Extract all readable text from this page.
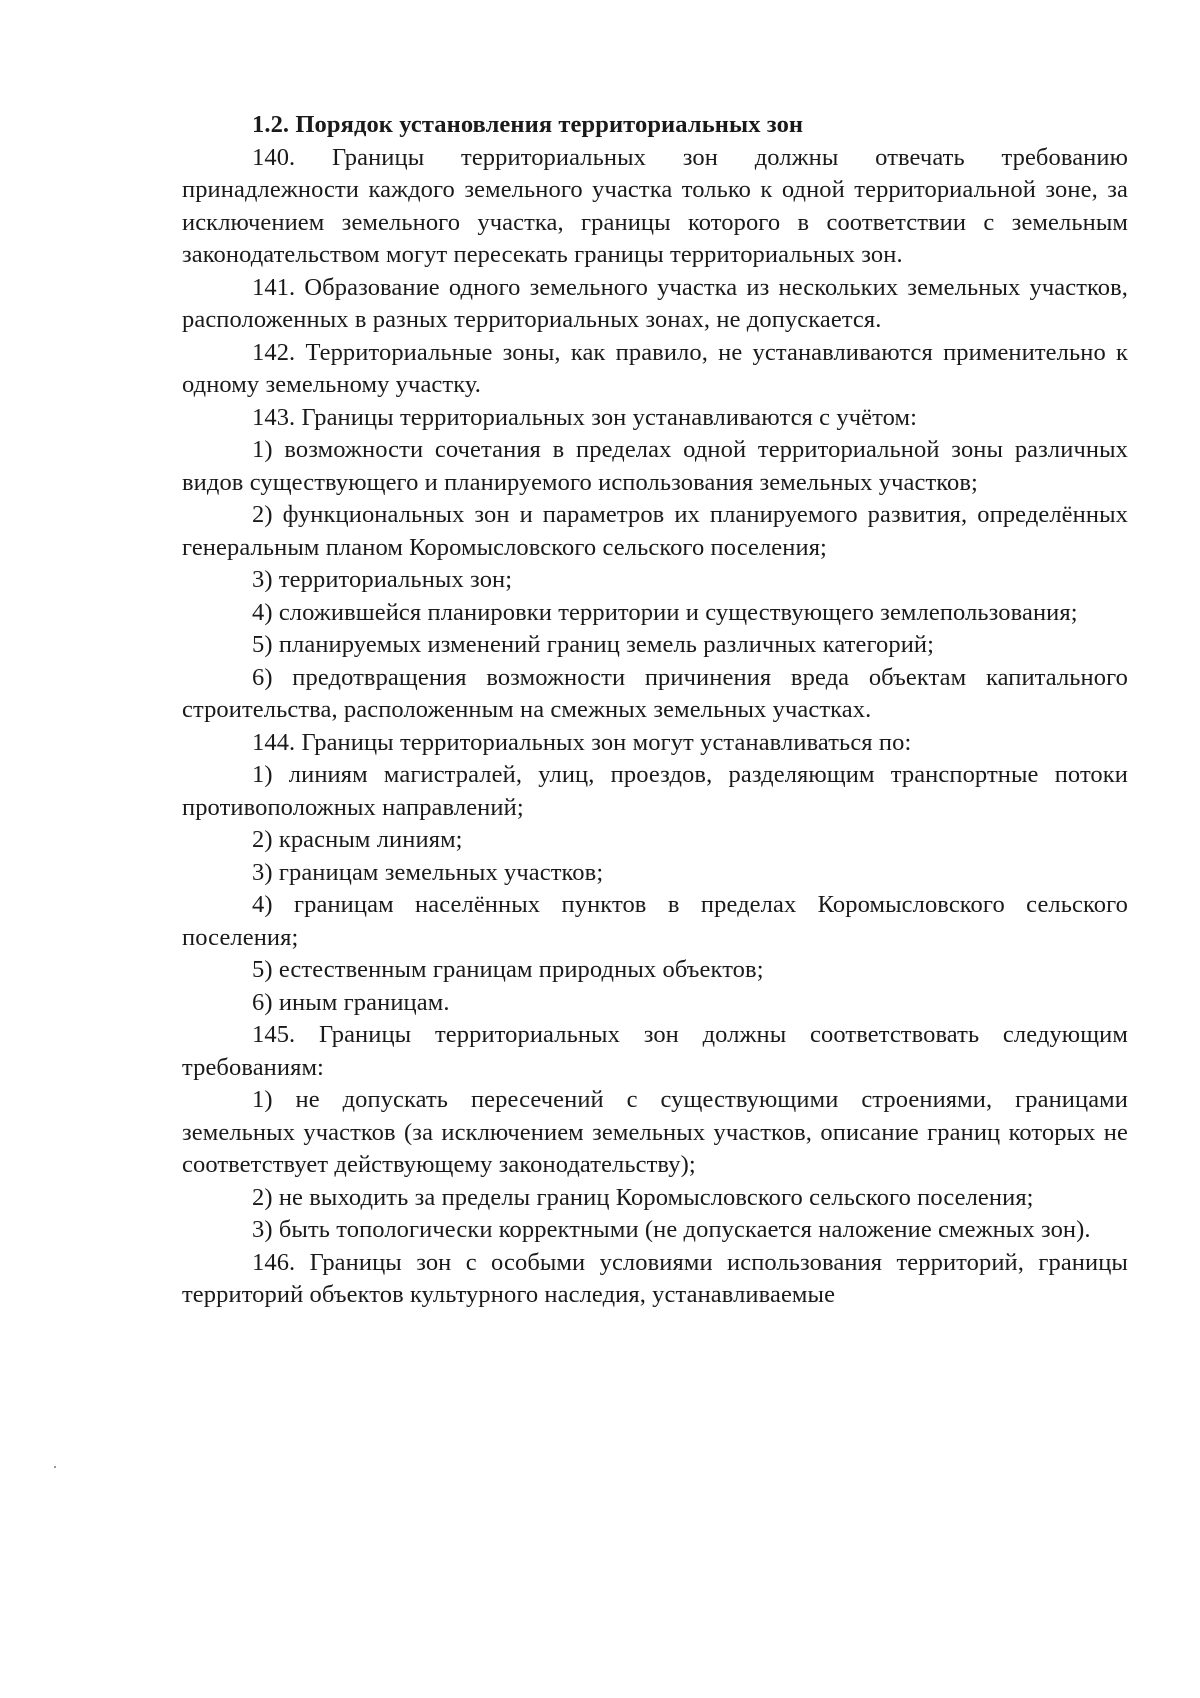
1.2. Порядок установления территориальных зон

140. Границы территориальных зон должны отвечать требованию принадлежности каждого земельного участка только к одной территориальной зоне, за исключением земельного участка, границы которого в соответствии с земельным законодательством могут пересекать границы территориальных зон.

141. Образование одного земельного участка из нескольких земельных участков, расположенных в разных территориальных зонах, не допускается.

142. Территориальные зоны, как правило, не устанавливаются применительно к одному земельному участку.

143. Границы территориальных зон устанавливаются с учётом:

1) возможности сочетания в пределах одной территориальной зоны различных видов существующего и планируемого использования земельных участков;

2) функциональных зон и параметров их планируемого развития, определённых генеральным планом Коромысловского сельского поселения;

3) территориальных зон;

4) сложившейся планировки территории и существующего землепользования;

5) планируемых изменений границ земель различных категорий;

6) предотвращения возможности причинения вреда объектам капитального строительства, расположенным на смежных земельных участках.

144. Границы территориальных зон могут устанавливаться по:

1) линиям магистралей, улиц, проездов, разделяющим транспортные потоки противоположных направлений;

2) красным линиям;

3) границам земельных участков;

4) границам населённых пунктов в пределах Коромысловского сельского поселения;

5) естественным границам природных объектов;

6) иным границам.

145. Границы территориальных зон должны соответствовать следующим требованиям:

1) не допускать пересечений с существующими строениями, границами земельных участков (за исключением земельных участков, описание границ которых не соответствует действующему законодательству);

2) не выходить за пределы границ Коромысловского сельского поселения;

3) быть топологически корректными (не допускается наложение смежных зон).

146. Границы зон с особыми условиями использования территорий, границы территорий объектов культурного наследия, устанавливаемые
